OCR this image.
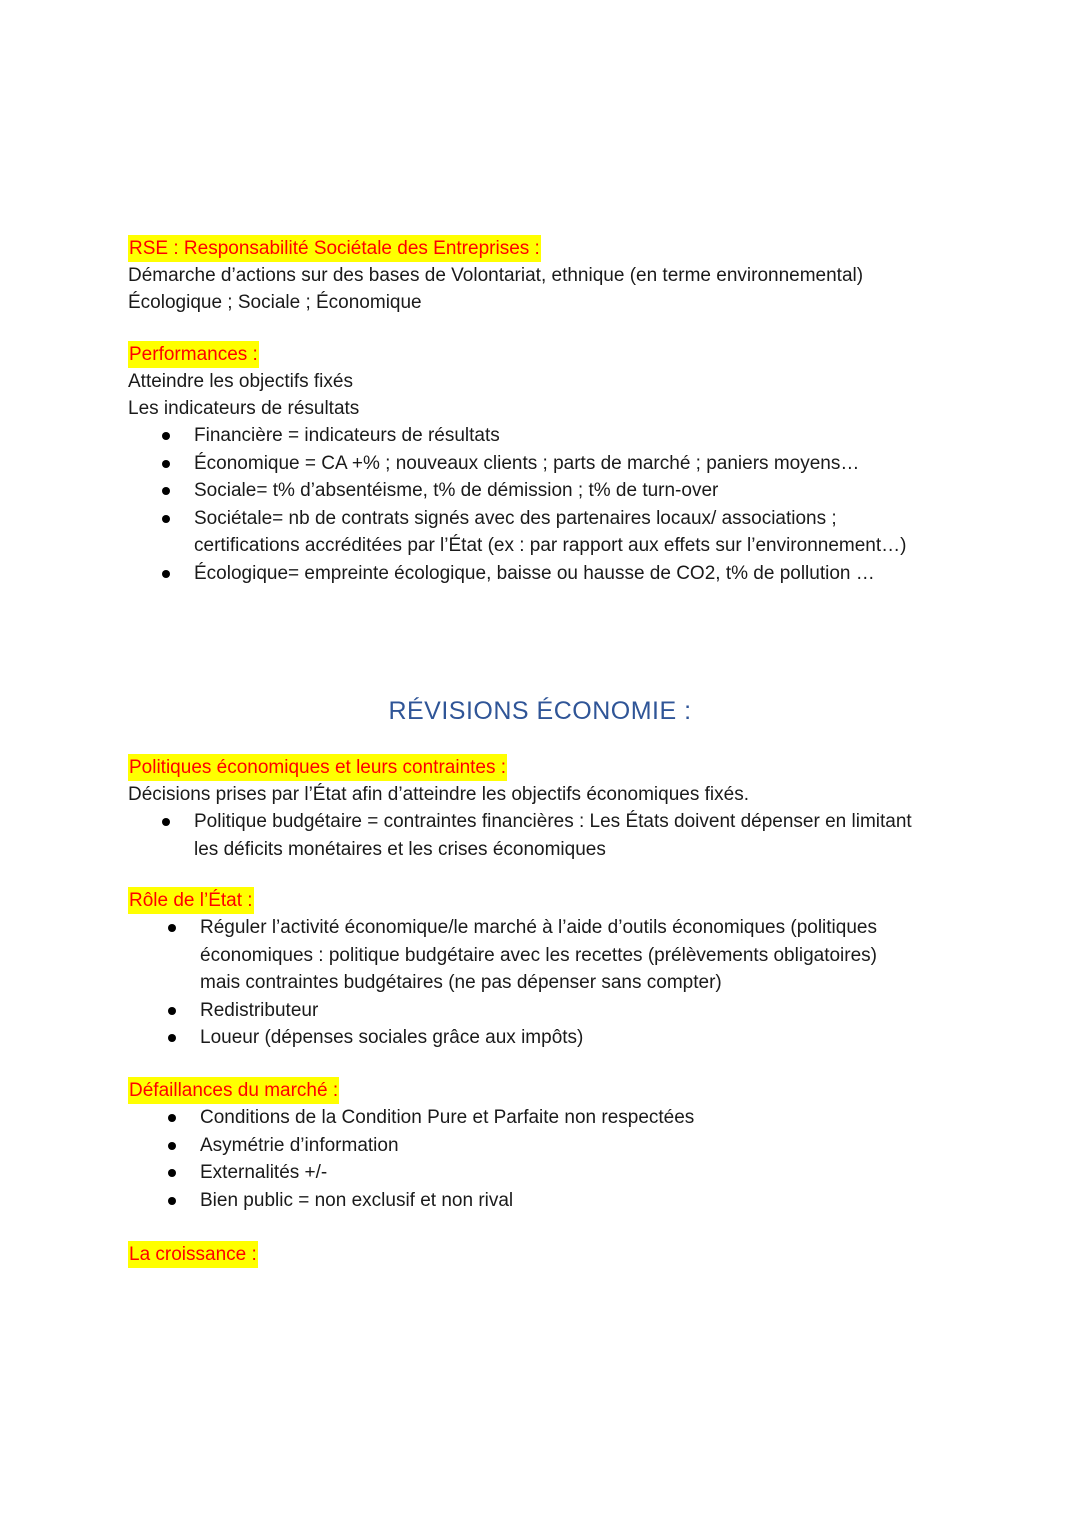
RSE : Responsabilité Sociétale des Entreprises :
Démarche d’actions sur des bases de Volontariat, ethnique (en terme environnemental)
Écologique ; Sociale ; Économique
Performances :
Atteindre les objectifs fixés
Les indicateurs de résultats
Financière = indicateurs de résultats
Économique = CA +% ; nouveaux clients ; parts de marché ; paniers moyens…
Sociale= t% d’absentéisme, t% de démission ; t% de turn-over
Sociétale= nb de contrats signés avec des partenaires locaux/ associations ;
certifications accréditées par l’État (ex : par rapport aux effets sur l’environnement…)
Écologique= empreinte écologique, baisse ou hausse de CO2, t% de pollution …
RÉVISIONS ÉCONOMIE :
Politiques économiques et leurs contraintes :
Décisions prises par l’État afin d’atteindre les objectifs économiques fixés.
Politique budgétaire = contraintes financières : Les États doivent dépenser en limitant
les déficits monétaires et les crises économiques
Rôle de l’État :
Réguler l’activité économique/le marché à l’aide d’outils économiques (politiques
économiques : politique budgétaire avec les recettes (prélèvements obligatoires)
mais contraintes budgétaires (ne pas dépenser sans compter)
Redistributeur
Loueur (dépenses sociales grâce aux impôts)
Défaillances du marché :
Conditions de la Condition Pure et Parfaite non respectées
Asymétrie d’information
Externalités +/-
Bien public = non exclusif et non rival
La croissance :
